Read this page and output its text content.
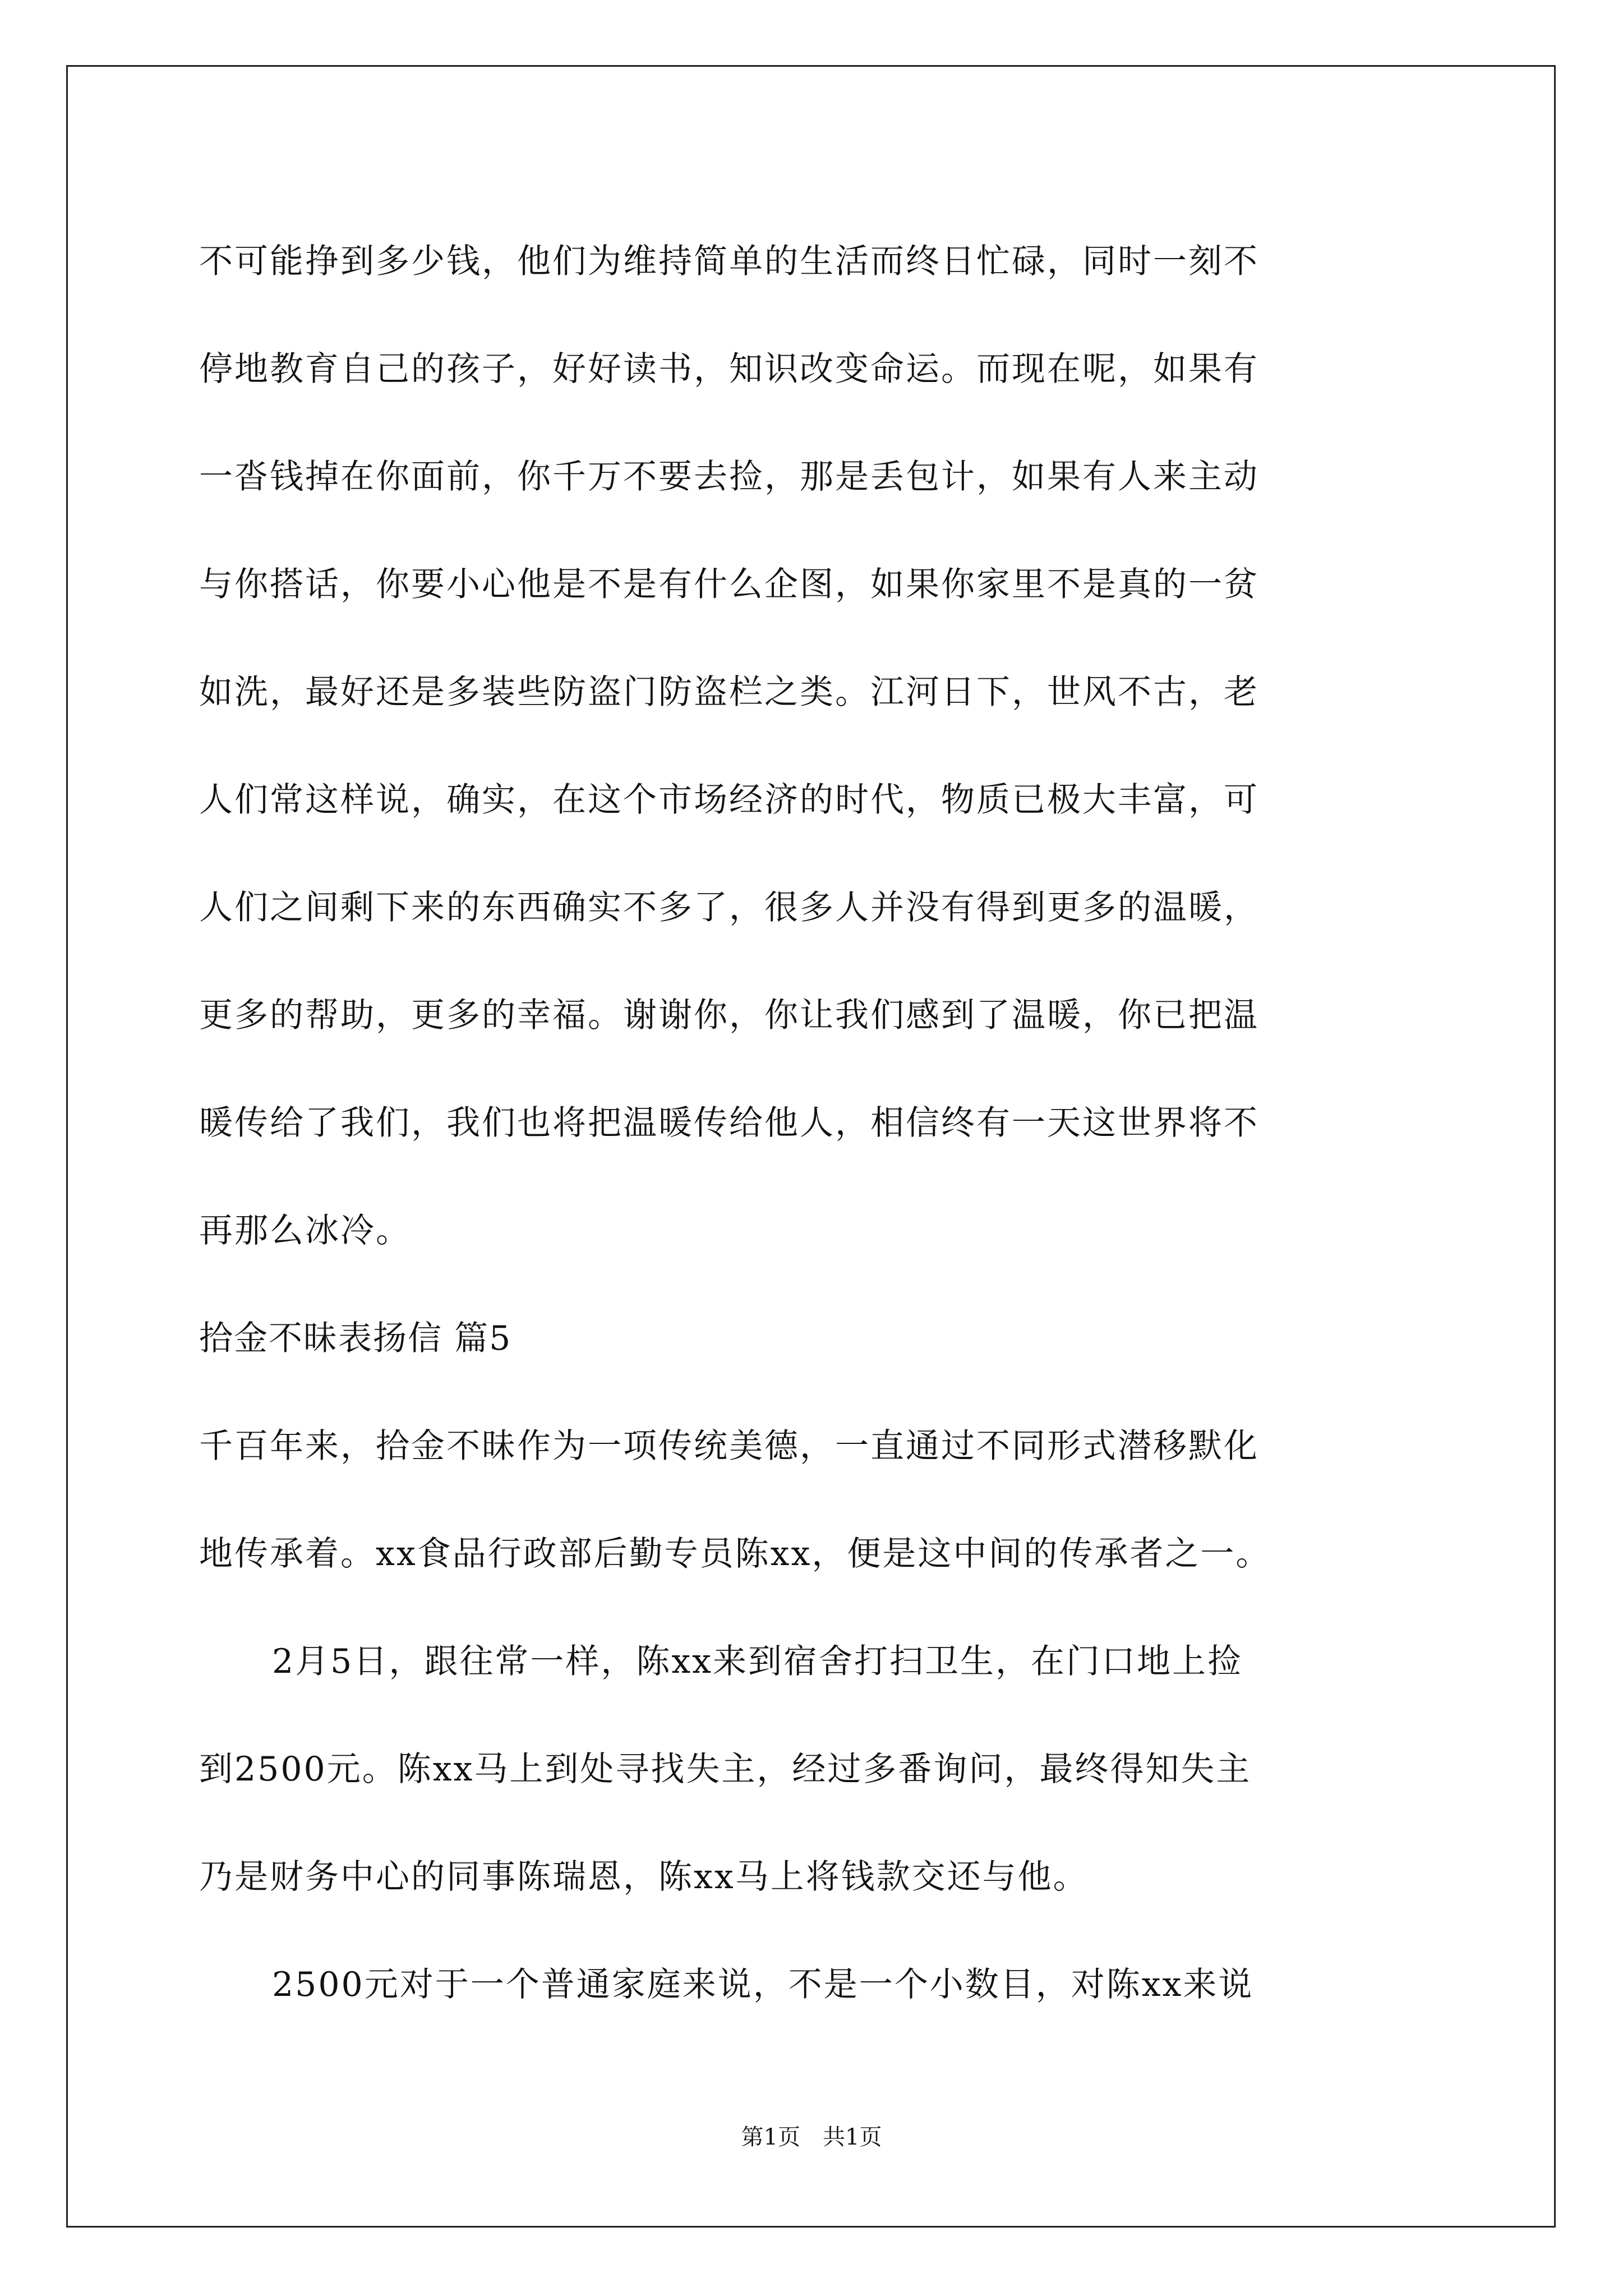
不可能挣到多少钱，他们为维持简单的生活而终日忙碌，同时一刻不
停地教育自己的孩子，好好读书，知识改变命运。而现在呢，如果有
一沓钱掉在你面前，你千万不要去捡，那是丢包计，如果有人来主动
与你搭话，你要小心他是不是有什么企图，如果你家里不是真的一贫
如洗，最好还是多装些防盗门防盗栏之类。江河日下，世风不古，老
人们常这样说，确实，在这个市场经济的时代，物质已极大丰富，可
人们之间剩下来的东西确实不多了，很多人并没有得到更多的温暖，
更多的帮助，更多的幸福。谢谢你，你让我们感到了温暖，你已把温
暖传给了我们，我们也将把温暖传给他人，相信终有一天这世界将不
再那么冰冷。
拾金不昧表扬信 篇5
千百年来，拾金不昧作为一项传统美德，一直通过不同形式潜移默化
地传承着。xx食品行政部后勤专员陈xx，便是这中间的传承者之一。
2月5日，跟往常一样，陈xx来到宿舍打扫卫生，在门口地上捡
到2500元。陈xx马上到处寻找失主，经过多番询问，最终得知失主
乃是财务中心的同事陈瑞恩，陈xx马上将钱款交还与他。
2500元对于一个普通家庭来说，不是一个小数目，对陈xx来说
第1页 共1页
